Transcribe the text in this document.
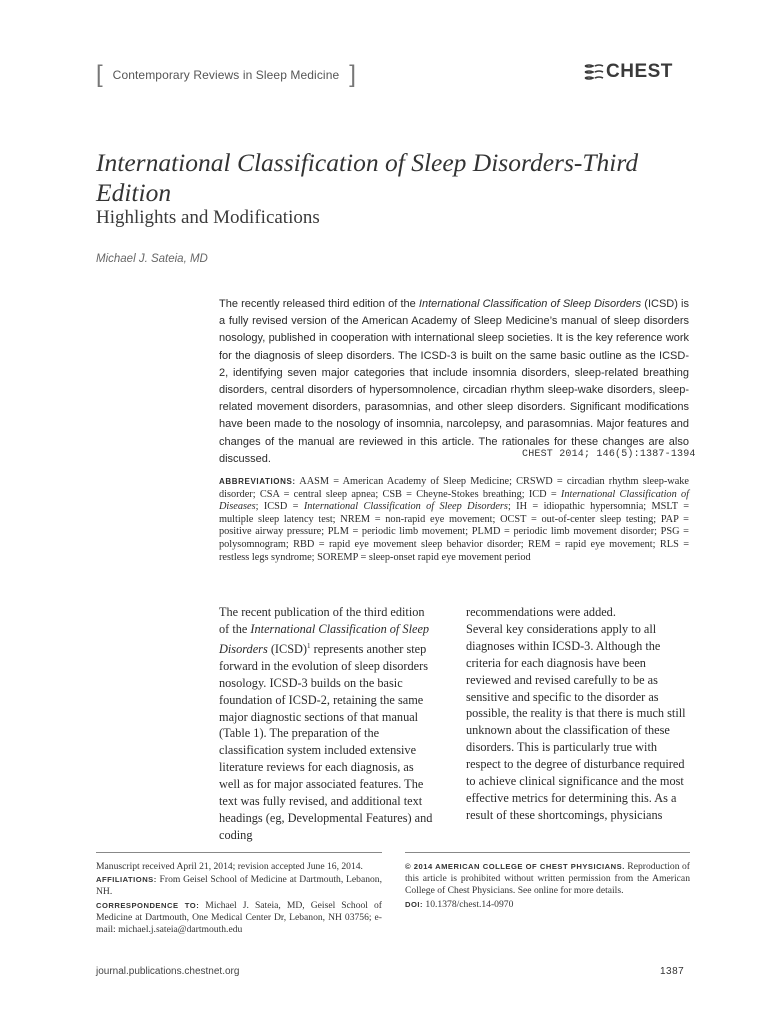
[ Contemporary Reviews in Sleep Medicine ]	CHEST
International Classification of Sleep Disorders-Third Edition
Highlights and Modifications
Michael J. Sateia, MD
The recently released third edition of the International Classification of Sleep Disorders (ICSD) is a fully revised version of the American Academy of Sleep Medicine’s manual of sleep disorders nosology, published in cooperation with international sleep societies. It is the key reference work for the diagnosis of sleep disorders. The ICSD-3 is built on the same basic outline as the ICSD-2, identifying seven major categories that include insomnia disorders, sleep-related breathing disorders, central disorders of hypersomnolence, circadian rhythm sleep-wake disorders, sleep-related movement disorders, parasomnias, and other sleep disorders. Significant modifications have been made to the nosology of insomnia, narcolepsy, and parasomnias. Major features and changes of the manual are reviewed in this article. The rationales for these changes are also discussed.	CHEST 2014; 146(5):1387-1394
ABBREVIATIONS: AASM = American Academy of Sleep Medicine; CRSWD = circadian rhythm sleep-wake disorder; CSA = central sleep apnea; CSB = Cheyne-Stokes breathing; ICD = International Classification of Diseases; ICSD = International Classification of Sleep Disorders; IH = idiopathic hypersomnia; MSLT = multiple sleep latency test; NREM = non-rapid eye movement; OCST = out-of-center sleep testing; PAP = positive airway pressure; PLM = periodic limb movement; PLMD = periodic limb movement disorder; PSG = polysomnogram; RBD = rapid eye movement sleep behavior disorder; REM = rapid eye movement; RLS = restless legs syndrome; SOREMP = sleep-onset rapid eye movement period

The recent publication of the third edition of the International Classification of Sleep Disorders (ICSD)$^1$ represents another step forward in the evolution of sleep disorders nosology. ICSD-3 builds on the basic foundation of ICSD-2, retaining the same major diagnostic sections of that manual (Table 1). The preparation of the classification system included extensive literature reviews for each diagnosis, as well as for major associated features. The text was fully revised, and additional text headings (eg, Developmental Features) and coding

recommendations were added.

Several key considerations apply to all diagnoses within ICSD-3. Although the criteria for each diagnosis have been reviewed and revised carefully to be as sensitive and specific to the disorder as possible, the reality is that there is much still unknown about the classification of these disorders. This is particularly true with respect to the degree of disturbance required to achieve clinical significance and the most effective metrics for determining this. As a result of these shortcomings, physicians

Manuscript received April 21, 2014; revision accepted June 16, 2014.

AFFILIATIONS: From Geisel School of Medicine at Dartmouth, Lebanon, NH.

CORRESPONDENCE TO: Michael J. Sateia, MD, Geisel School of Medicine at Dartmouth, One Medical Center Dr, Lebanon, NH 03756; e-mail: michael.j.sateia@dartmouth.edu

© 2014 AMERICAN COLLEGE OF CHEST PHYSICIANS. Reproduction of this article is prohibited without written permission from the American College of Chest Physicians. See online for more details.

DOI: 10.1378/chest.14-0970

journal.publications.chestnet.org	1387
